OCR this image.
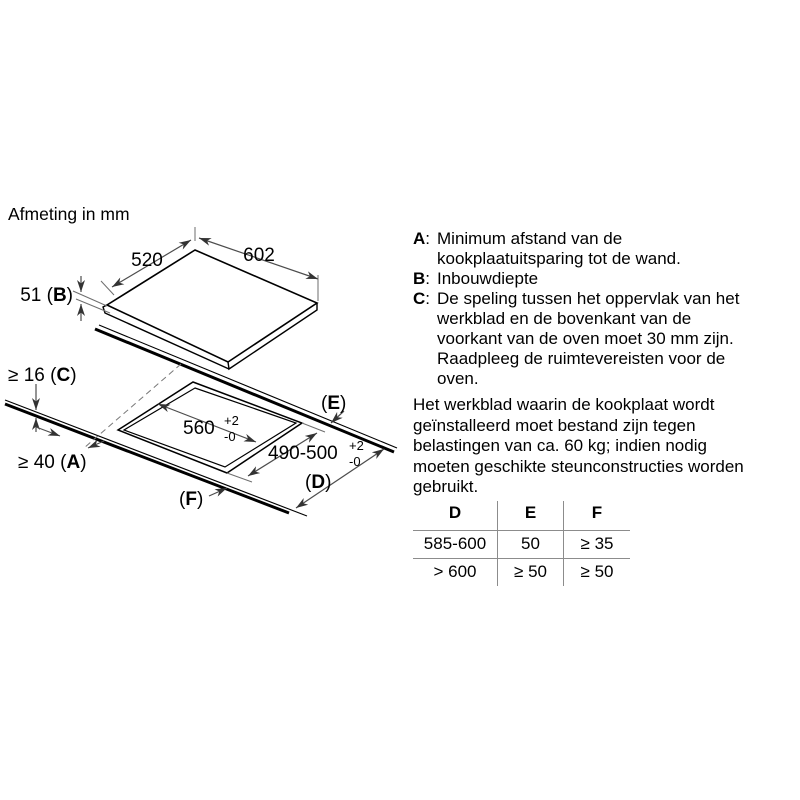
Afmeting in mm
602
520
51 (B)
≥ 16 (C)
≥ 40 (A)
560 +2
-0
490-500 +2
-0
(E)
(D)
(F)
A: Minimum afstand van de kookplaatuitsparing tot de wand.
B: Inbouwdiepte
C: De speling tussen het oppervlak van het werkblad en de bovenkant van de voorkant van de oven moet 30 mm zijn. Raadpleeg de ruimtevereisten voor de oven.
Het werkblad waarin de kookplaat wordt geïnstalleerd moet bestand zijn tegen belastingen van ca. 60 kg; indien nodig moeten geschikte steunconstructies worden gebruikt.
D	E	F
585-600	50	≥ 35
> 600	≥ 50	≥ 50
